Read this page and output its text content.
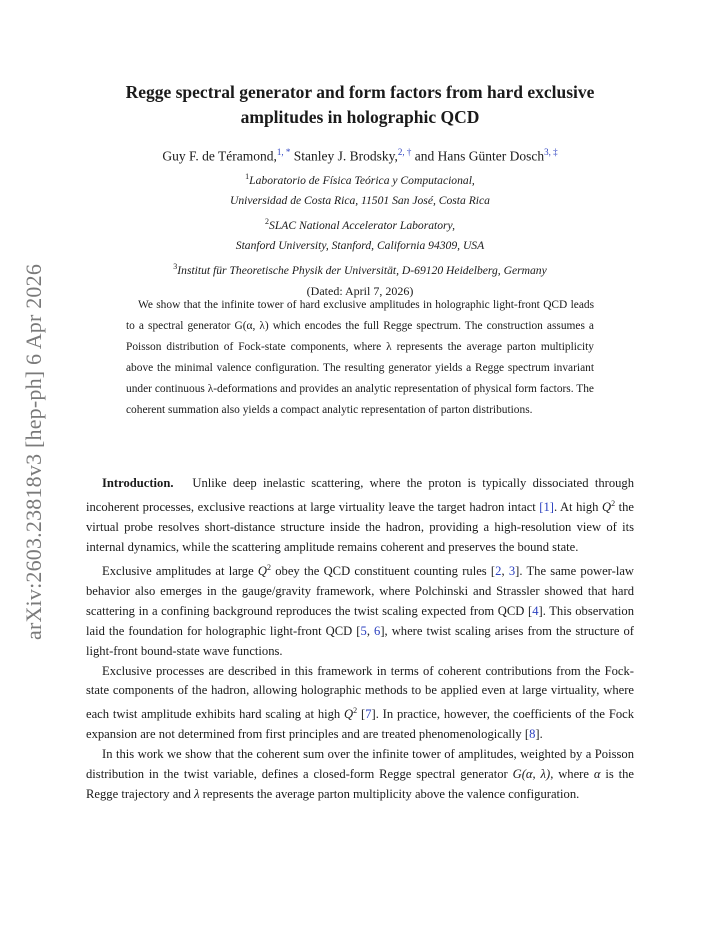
arXiv:2603.23818v3 [hep-ph] 6 Apr 2026
Regge spectral generator and form factors from hard exclusive
amplitudes in holographic QCD
Guy F. de Téramond,$^{1, *}$ Stanley J. Brodsky,$^{2, \dagger}$ and Hans Günter Dosch$^{3, \ddagger}$
$^1$Laboratorio de Física Teórica y Computacional,
Universidad de Costa Rica, 11501 San José, Costa Rica
$^2$SLAC National Accelerator Laboratory,
Stanford University, Stanford, California 94309, USA
$^3$Institut für Theoretische Physik der Universität, D-69120 Heidelberg, Germany
(Dated: April 7, 2026)

We show that the infinite tower of hard exclusive amplitudes in holographic light-front QCD leads to a spectral generator G(α, λ) which encodes the full Regge spectrum. The construction assumes a Poisson distribution of Fock-state components, where λ represents the average parton multiplicity above the minimal valence configuration. The resulting generator yields a Regge spectrum invariant under continuous λ-deformations and provides an analytic representation of physical form factors. The coherent summation also yields a compact analytic representation of parton distributions.

Introduction. Unlike deep inelastic scattering, where the proton is typically dissociated through incoherent processes, exclusive reactions at large virtuality leave the target hadron intact [1]. At high $Q^2$ the virtual probe resolves short-distance structure inside the hadron, providing a high-resolution view of its internal dynamics, while the scattering amplitude remains coherent and preserves the bound state.

Exclusive amplitudes at large $Q^2$ obey the QCD constituent counting rules [2, 3]. The same power-law behavior also emerges in the gauge/gravity framework, where Polchinski and Strassler showed that hard scattering in a confining background reproduces the twist scaling expected from QCD [4]. This observation laid the foundation for holographic light-front QCD [5, 6], where twist scaling arises from the structure of light-front bound-state wave functions.

Exclusive processes are described in this framework in terms of coherent contributions from the Fock-state components of the hadron, allowing holographic methods to be applied even at large virtuality, where each twist amplitude exhibits hard scaling at high $Q^2$ [7]. In practice, however, the coefficients of the Fock expansion are not determined from first principles and are treated phenomenologically [8].

In this work we show that the coherent sum over the infinite tower of amplitudes, weighted by a Poisson distribution in the twist variable, defines a closed-form Regge spectral generator G(α, λ), where α is the Regge trajectory and λ represents the average parton multiplicity above the valence configuration.
